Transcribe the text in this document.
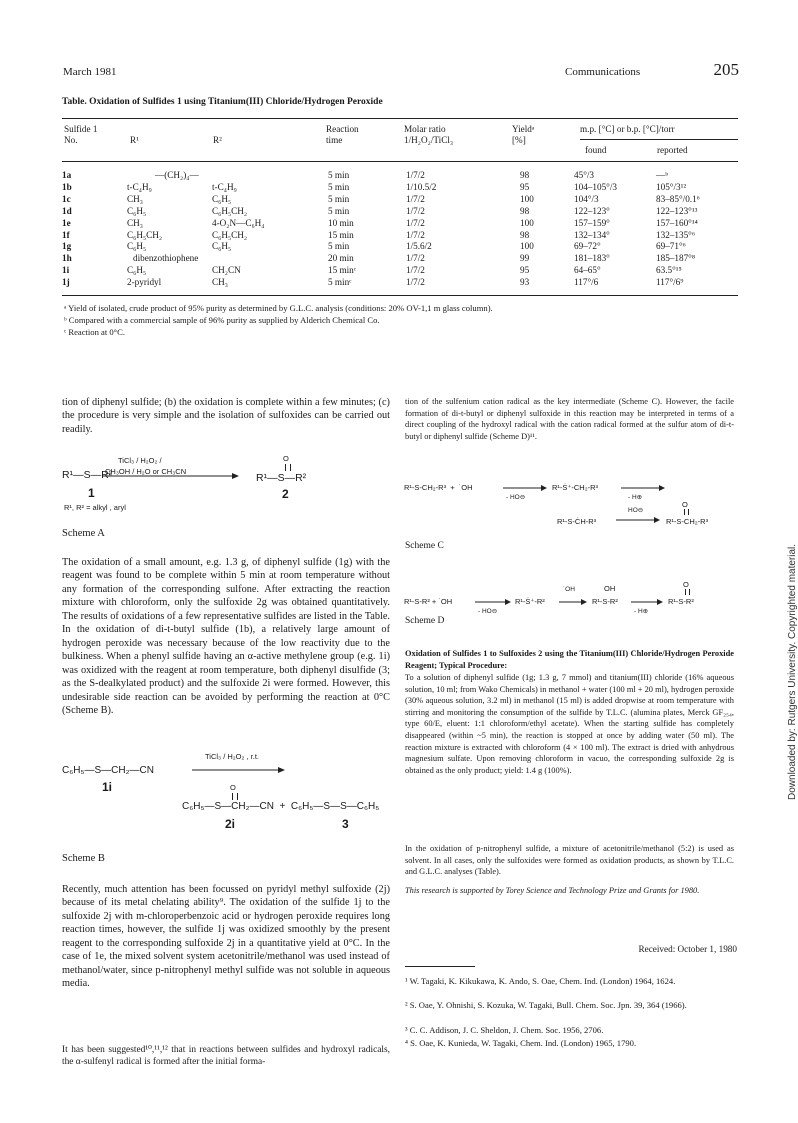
March 1981	Communications	205
Table. Oxidation of Sulfides 1 using Titanium(III) Chloride/Hydrogen Peroxide
Sulfide 1
No.	R¹	R²
Reaction
time
Molar ratio
1/H₂O₂/TiCl₃
Yieldᵃ
[%]
m.p. [°C] or b.p. [°C]/torr
found	reported
1a	—(CH₂)₄—		5 min	1/7/2	98	45°/3	—ᵇ
1b	t-C₄H₉	t-C₄H₉	5 min	1/10.5/2	95	104–105°/3	105°/3¹²
1c	CH₃	C₆H₅	5 min	1/7/2	100	104°/3	83–85°/0.1⁶
1d	C₆H₅	C₆H₅CH₂	5 min	1/7/2	98	122–123°	122–123°¹³
1e	CH₃	4-O₂N—C₆H₄	10 min	1/7/2	100	157–159°	157–160°¹⁴
1f	C₆H₅CH₂	C₆H₅CH₂	15 min	1/7/2	98	132–134°	132–135°⁶
1g	C₆H₅	C₆H₅	5 min	1/5.6/2	100	69–72°	69–71°⁶
1h	dibenzothiophene		20 min	1/7/2	99	181–183°	185–187°⁸
1i	C₆H₅	CH₂CN	15 minᶜ	1/7/2	95	64–65°	63.5°¹⁵
1j	2-pyridyl	CH₃	5 minᶜ	1/7/2	93	117°/6	117°/6⁹
ᵃ Yield of isolated, crude product of 95% purity as determined by G.L.C. analysis (conditions: 20% OV-1,1 m glass column).
ᵇ Compared with a commercial sample of 96% purity as supplied by Alderich Chemical Co.
ᶜ Reaction at 0°C.
tion of diphenyl sulfide; (b) the oxidation is complete within a few minutes; (c) the procedure is very simple and the isolation of sulfoxides can be carried out readily.
TiCl₃ / H₂O₂ /
CH₃OH / H₂O or CH₃CN
R¹—S—R²
O
R¹—S—R²
1	2
R¹, R² = alkyl , aryl
Scheme A
The oxidation of a small amount, e.g. 1.3 g, of diphenyl sulfide (1g) with the reagent was found to be complete within 5 min at room temperature without any formation of the corresponding sulfone. After extracting the reaction mixture with chloroform, only the sulfoxide 2g was obtained quantitatively. The results of oxidations of a few representative sulfides are listed in the Table. In the oxidation of di-t-butyl sulfide (1b), a relatively large amount of hydrogen peroxide was necessary because of the low reactivity due to the bulkiness. When a phenyl sulfide having an α-active methylene group (e.g. 1i) was oxidized with the reagent at room temperature, both diphenyl disulfide (3; as the S-dealkylated product) and the sulfoxide 2i were formed. However, this undesirable side reaction can be avoided by performing the reaction at 0°C (Scheme B).
C₆H₅—S—CH₂—CN
TiCl₃ / H₂O₂ , r.t.
1i	O
C₆H₅—S—CH₂—CN  +  C₆H₅—S—S—C₆H₅
2i	3
Scheme B
Recently, much attention has been focussed on pyridyl methyl sulfoxide (2j) because of its metal chelating ability⁹. The oxidation of the sulfide 1j to the sulfoxide 2j with m-chloroperbenzoic acid or hydrogen peroxide requires long reaction times, however, the sulfide 1j was oxidized smoothly by the present reagent to the corresponding sulfoxide 2j in a quantitative yield at 0°C. In the case of 1e, the mixed solvent system acetonitrile/methanol was used instead of methanol/water, since p-nitrophenyl methyl sulfide was not soluble in aqueous media.
It has been suggested¹⁰,¹¹,¹² that in reactions between sulfides and hydroxyl radicals, the α-sulfenyl radical is formed after the initial forma-
tion of the sulfenium cation radical as the key intermediate (Scheme C). However, the facile formation of di-t-butyl or diphenyl sulfoxide in this reaction may be interpreted in terms of a direct coupling of the hydroxyl radical with the cation radical formed at the sulfur atom of di-t-butyl or diphenyl sulfide (Scheme D)¹¹.
R¹-S-CH₂-R³  +  ˙OH
- HO⊖
R¹-Ṡ⁺-CH₂-R³
- H⊕
R¹-S-ĊH-R³
HO⊖
O
R¹-S-CH₂-R³
Scheme C
R¹-S-R² + ˙OH
- HO⊖
R¹-Ṡ⁺-R²
˙OH	OH
R¹-S-R²
- H⊕
O
R¹-S-R²
Scheme D
Oxidation of Sulfides 1 to Sulfoxides 2 using the Titanium(III) Chloride/Hydrogen Peroxide Reagent; Typical Procedure:
To a solution of diphenyl sulfide (1g; 1.3 g, 7 mmol) and titanium(III) chloride (16% aqueous solution, 10 ml; from Wako Chemicals) in methanol + water (100 ml + 20 ml), hydrogen peroxide (30% aqueous solution, 3.2 ml) in methanol (15 ml) is added dropwise at room temperature with stirring and monitoring the consumption of the sulfide by T.L.C. (alumina plates, Merck GF₂₅₄, type 60/E, eluent: 1:1 chloroform/ethyl acetate). When the starting sulfide has completely disappeared (within ~5 min), the reaction is stopped at once by adding water (50 ml). The reaction mixture is extracted with chloroform (4 × 100 ml). The extract is dried with anhydrous magnesium sulfate. Upon removing chloroform in vacuo, the corresponding sulfoxide 2g is obtained as the only product; yield: 1.4 g (100%).
In the oxidation of p-nitrophenyl sulfide, a mixture of acetonitrile/methanol (5:2) is used as solvent. In all cases, only the sulfoxides were formed as oxidation products, as shown by T.L.C. and G.L.C. analyses (Table).
This research is supported by Torey Science and Technology Prize and Grants for 1980.
Received: October 1, 1980
¹ W. Tagaki, K. Kikukawa, K. Ando, S. Oae, Chem. Ind. (London) 1964, 1624.
² S. Oae, Y. Ohnishi, S. Kozuka, W. Tagaki, Bull. Chem. Soc. Jpn. 39, 364 (1966).
³ C. C. Addison, J. C. Sheldon, J. Chem. Soc. 1956, 2706.
⁴ S. Oae, K. Kunieda, W. Tagaki, Chem. Ind. (London) 1965, 1790.
Downloaded by: Rutgers University. Copyrighted material.
